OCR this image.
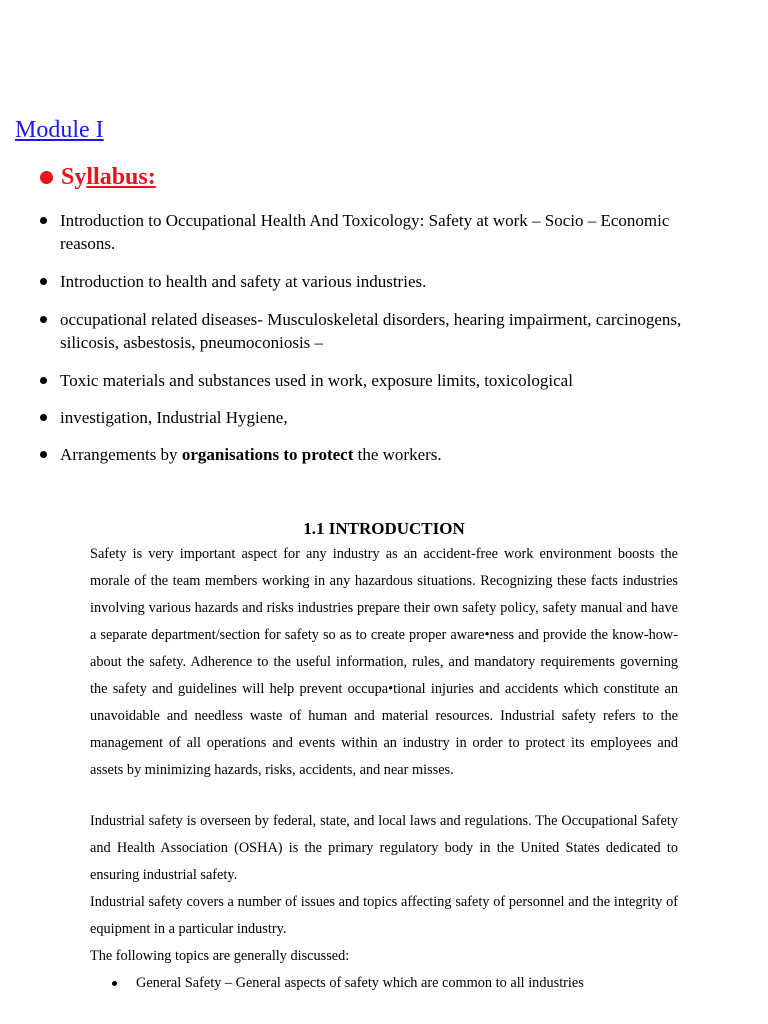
Module I
Syllabus:
Introduction to Occupational Health And Toxicology: Safety at work – Socio – Economic reasons.
Introduction to health and safety at various industries.
occupational related diseases- Musculoskeletal disorders, hearing impairment, carcinogens, silicosis, asbestosis, pneumoconiosis –
Toxic materials and substances used in work, exposure limits, toxicological
investigation, Industrial Hygiene,
Arrangements by organisations to protect the workers.
1.1 INTRODUCTION

Safety is very important aspect for any industry as an accident-free work environment boosts the morale of the team members working in any hazardous situations. Recognizing these facts industries involving various hazards and risks industries prepare their own safety policy, safety manual and have a separate department/section for safety so as to create proper aware•ness and provide the know-how-about the safety. Adherence to the useful information, rules, and mandatory requirements governing the safety and guidelines will help prevent occupa•tional injuries and accidents which constitute an unavoidable and needless waste of human and material resources. Industrial safety refers to the management of all operations and events within an industry in order to protect its employees and assets by minimizing hazards, risks, accidents, and near misses.

Industrial safety is overseen by federal, state, and local laws and regulations. The Occupational Safety and Health Association (OSHA) is the primary regulatory body in the United States dedicated to ensuring industrial safety.

Industrial safety covers a number of issues and topics affecting safety of personnel and the integrity of equipment in a particular industry.

The following topics are generally discussed:

General Safety – General aspects of safety which are common to all industries
